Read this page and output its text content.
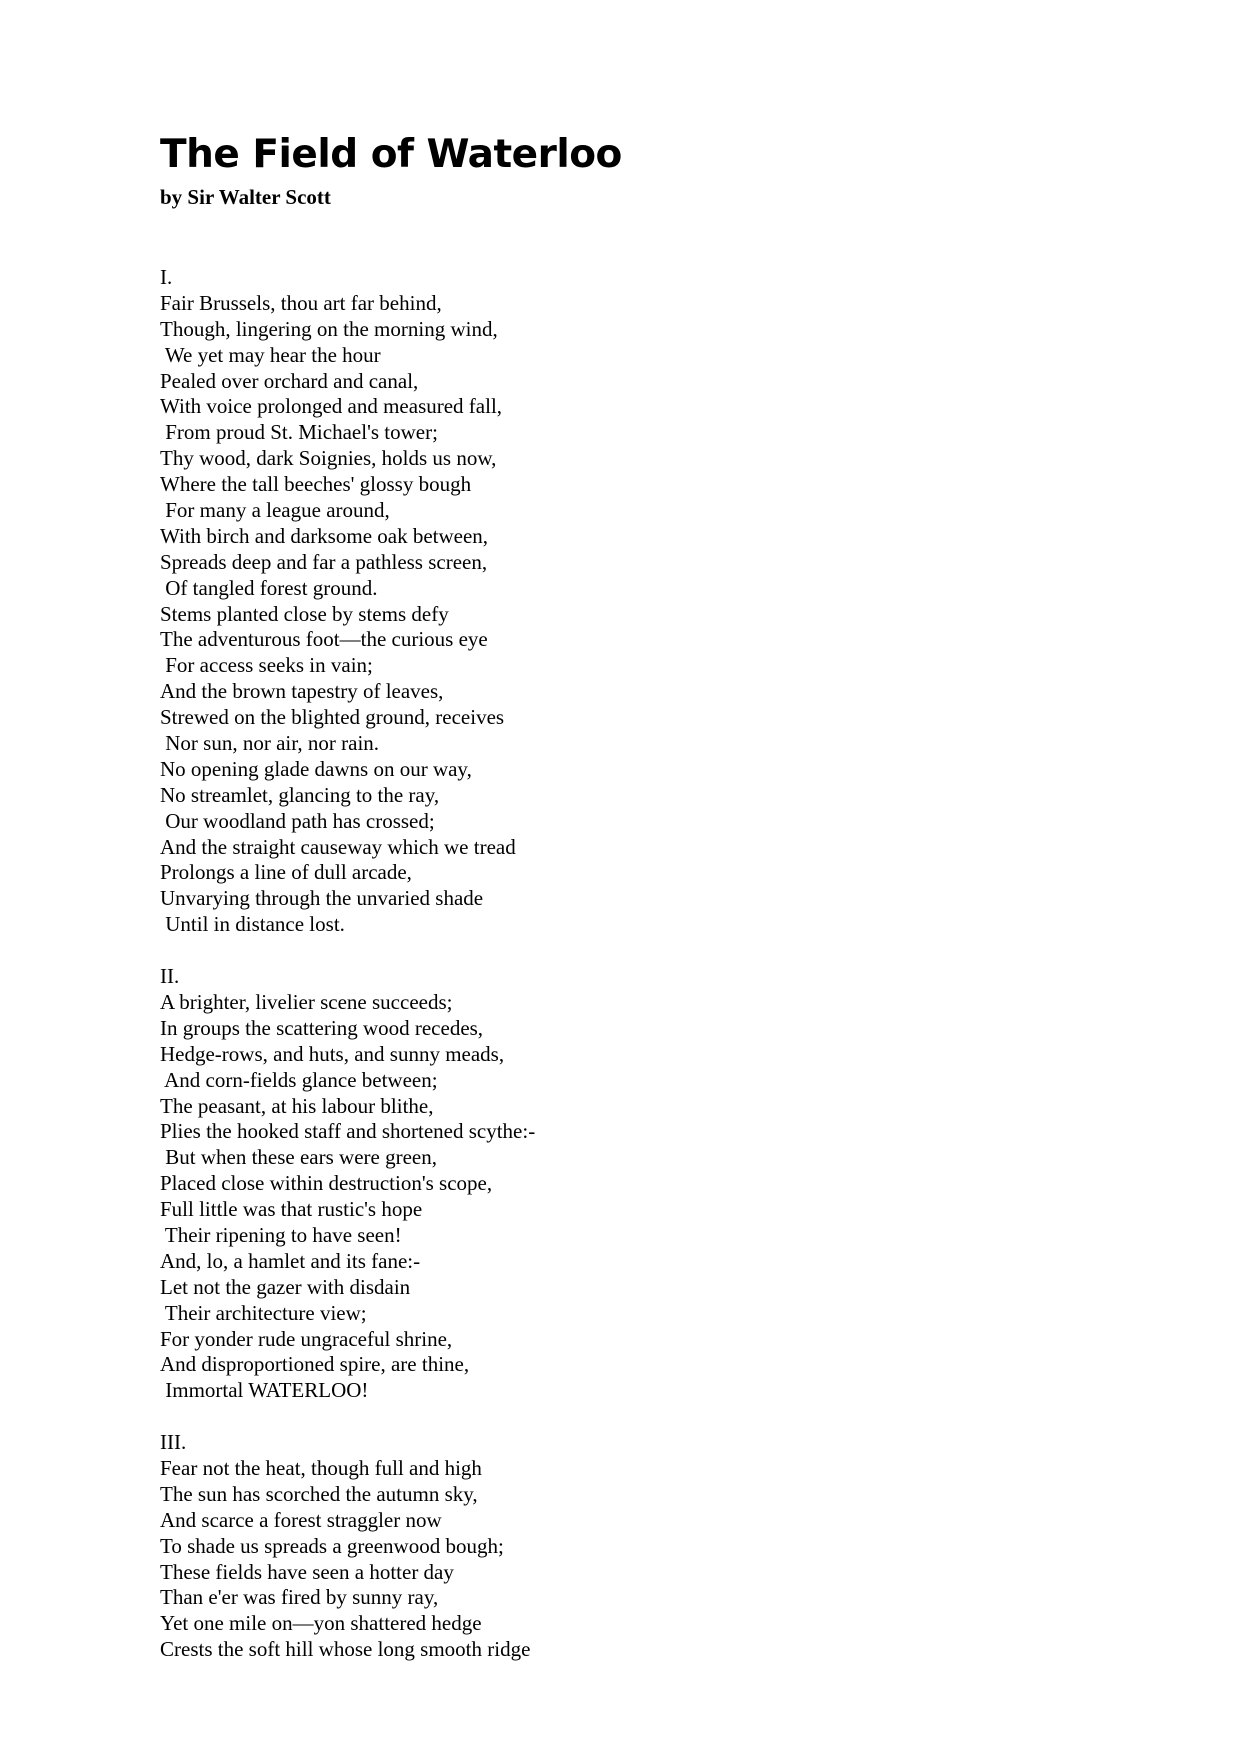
The Field of Waterloo

by Sir Walter Scott

I.
Fair Brussels, thou art far behind,
Though, lingering on the morning wind,
We yet may hear the hour
Pealed over orchard and canal,
With voice prolonged and measured fall,
From proud St. Michael's tower;
Thy wood, dark Soignies, holds us now,
Where the tall beeches' glossy bough
For many a league around,
With birch and darksome oak between,
Spreads deep and far a pathless screen,
Of tangled forest ground.
Stems planted close by stems defy
The adventurous foot—the curious eye
For access seeks in vain;
And the brown tapestry of leaves,
Strewed on the blighted ground, receives
Nor sun, nor air, nor rain.
No opening glade dawns on our way,
No streamlet, glancing to the ray,
Our woodland path has crossed;
And the straight causeway which we tread
Prolongs a line of dull arcade,
Unvarying through the unvaried shade
Until in distance lost.
II.
A brighter, livelier scene succeeds;
In groups the scattering wood recedes,
Hedge-rows, and huts, and sunny meads,
And corn-fields glance between;
The peasant, at his labour blithe,
Plies the hooked staff and shortened scythe:-
But when these ears were green,
Placed close within destruction's scope,
Full little was that rustic's hope
Their ripening to have seen!
And, lo, a hamlet and its fane:-
Let not the gazer with disdain
Their architecture view;
For yonder rude ungraceful shrine,
And disproportioned spire, are thine,
Immortal WATERLOO!
III.
Fear not the heat, though full and high
The sun has scorched the autumn sky,
And scarce a forest straggler now
To shade us spreads a greenwood bough;
These fields have seen a hotter day
Than e'er was fired by sunny ray,
Yet one mile on—yon shattered hedge
Crests the soft hill whose long smooth ridge
